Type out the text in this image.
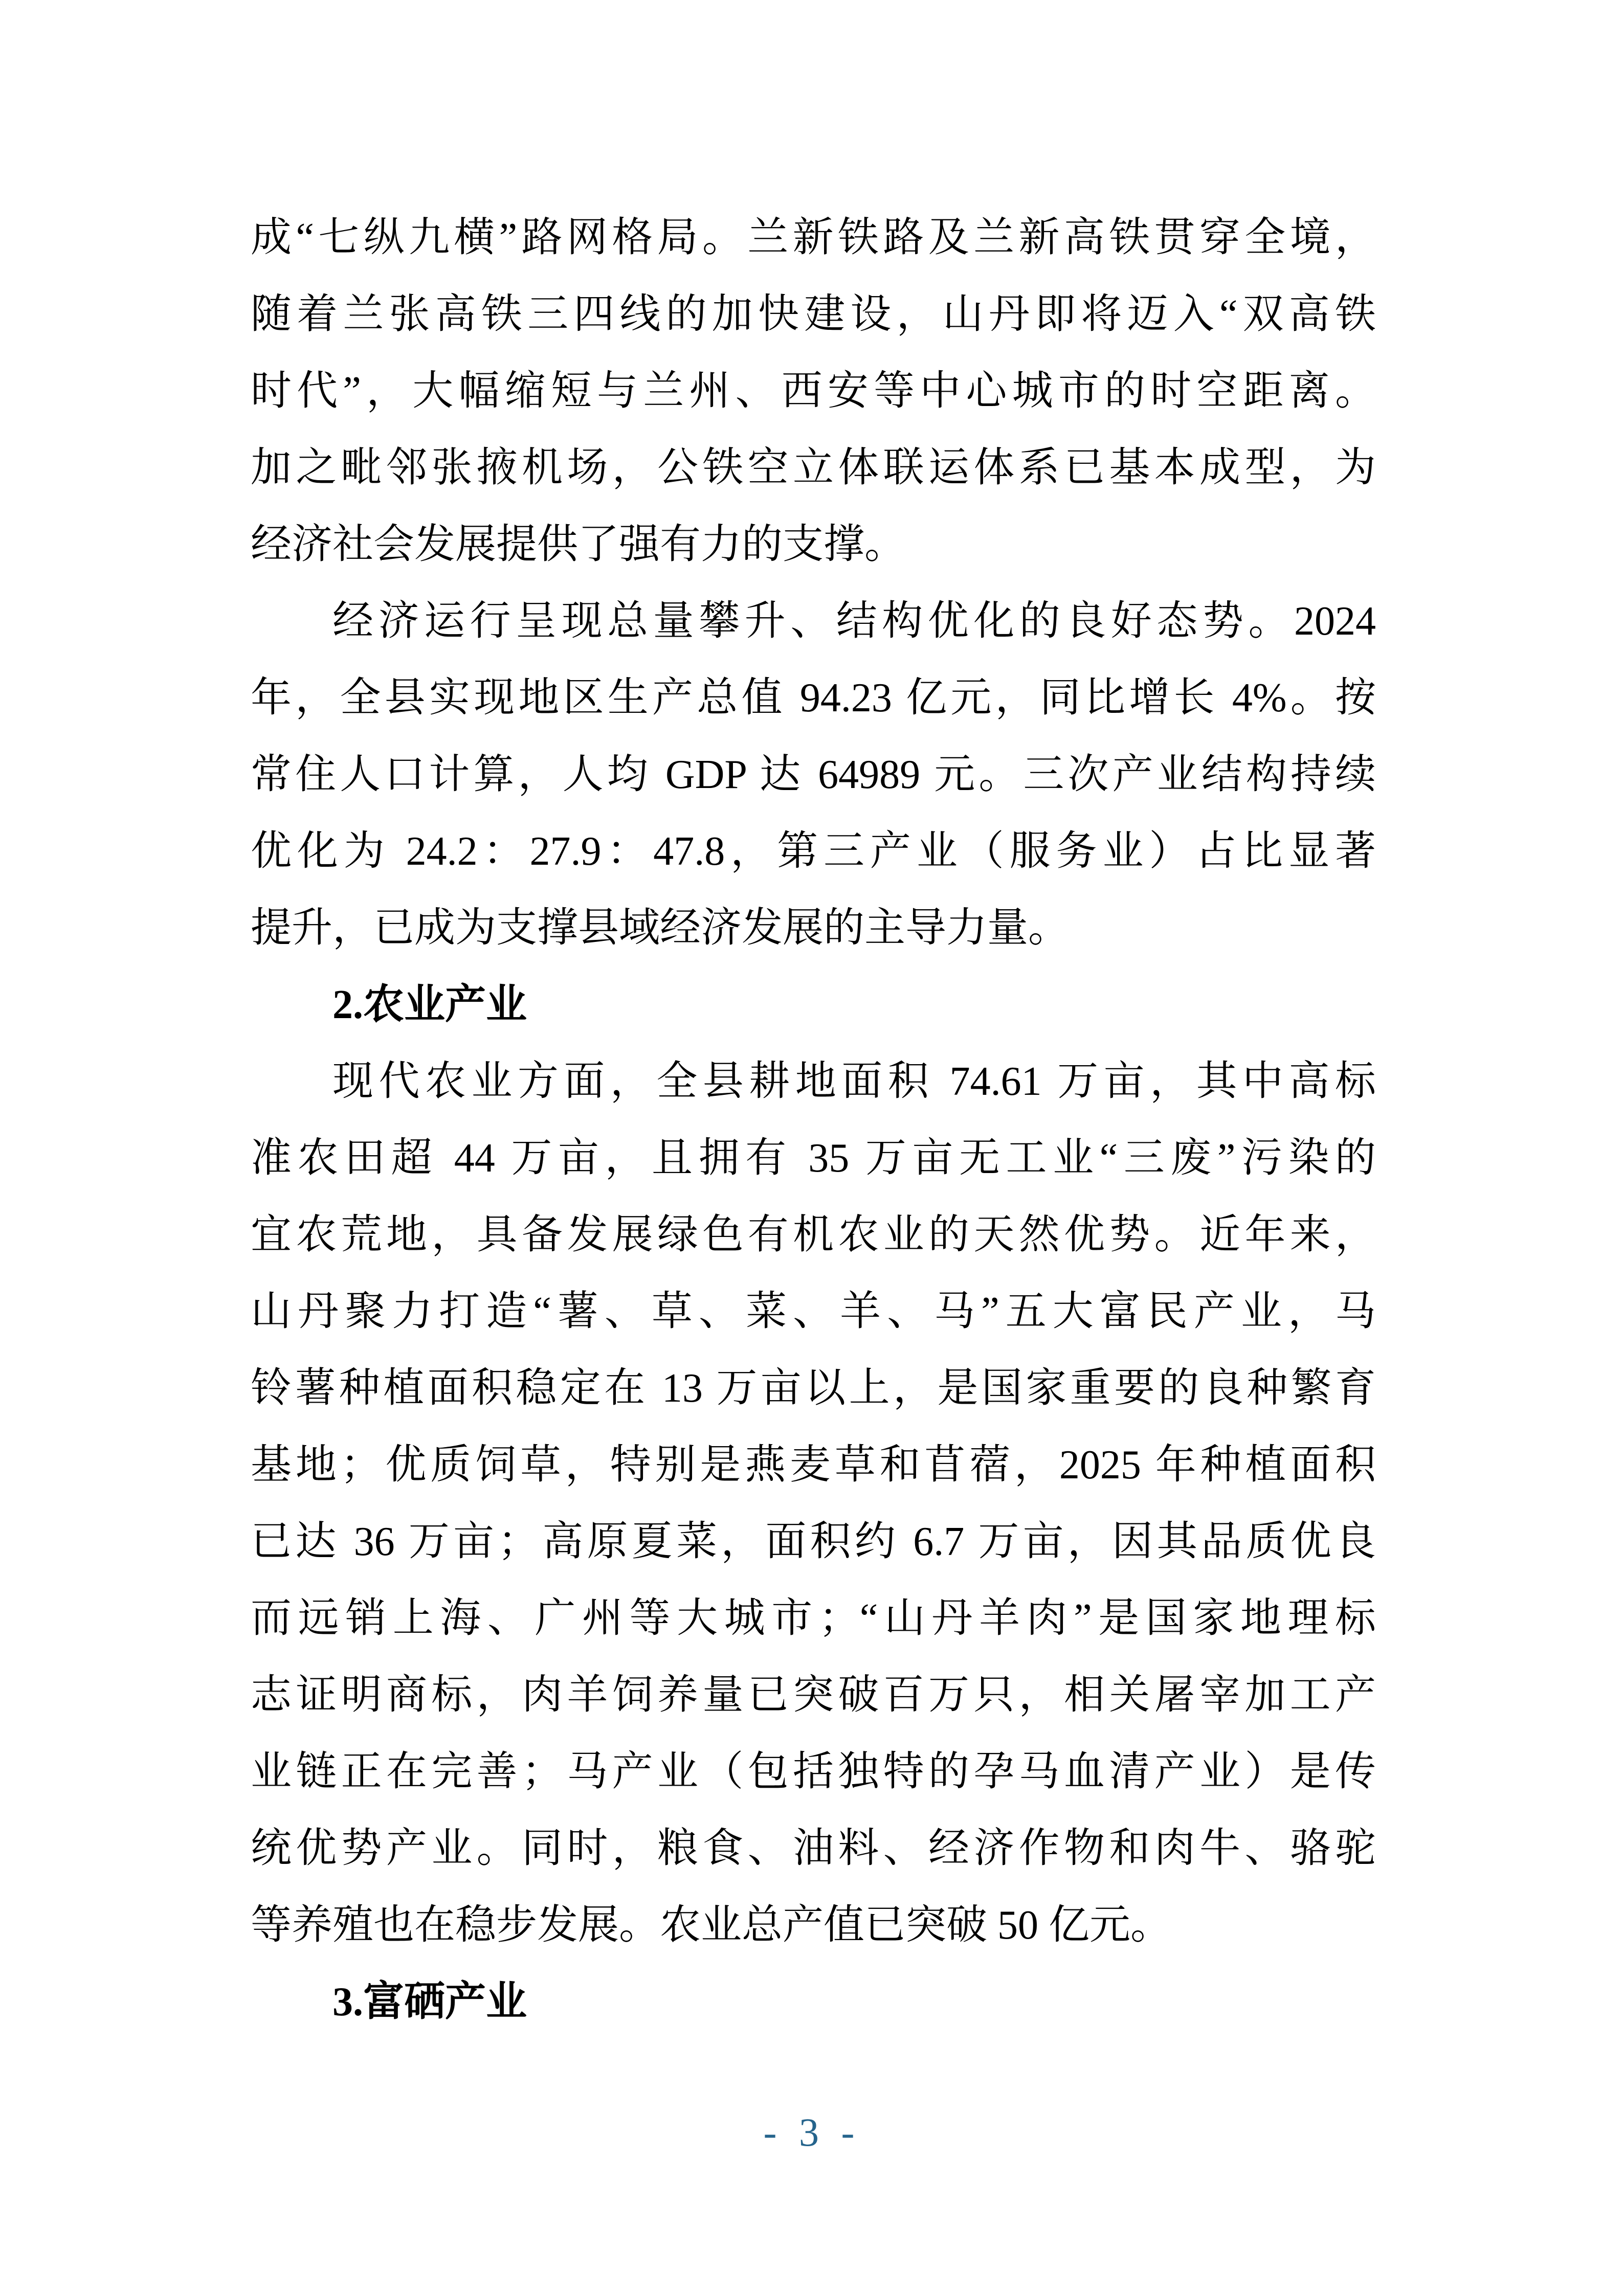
成“七纵九横”路网格局。兰新铁路及兰新高铁贯穿全境，
随着兰张高铁三四线的加快建设，山丹即将迈入“双高铁
时代”，大幅缩短与兰州、西安等中心城市的时空距离。
加之毗邻张掖机场，公铁空立体联运体系已基本成型，为
经济社会发展提供了强有力的支撑。
经济运行呈现总量攀升、结构优化的良好态势。2024
年，全县实现地区生产总值 94.23 亿元，同比增长 4%。按
常住人口计算，人均 GDP 达 64989 元。三次产业结构持续
优化为 24.2：27.9：47.8，第三产业（服务业）占比显著
提升，已成为支撑县域经济发展的主导力量。
2.农业产业
现代农业方面，全县耕地面积 74.61 万亩，其中高标
准农田超 44 万亩，且拥有 35 万亩无工业“三废”污染的
宜农荒地，具备发展绿色有机农业的天然优势。近年来，
山丹聚力打造“薯、草、菜、羊、马”五大富民产业，马
铃薯种植面积稳定在 13 万亩以上，是国家重要的良种繁育
基地；优质饲草，特别是燕麦草和苜蓿，2025 年种植面积
已达 36 万亩；高原夏菜，面积约 6.7 万亩，因其品质优良
而远销上海、广州等大城市；“山丹羊肉”是国家地理标
志证明商标，肉羊饲养量已突破百万只，相关屠宰加工产
业链正在完善；马产业（包括独特的孕马血清产业）是传
统优势产业。同时，粮食、油料、经济作物和肉牛、骆驼
等养殖也在稳步发展。农业总产值已突破 50 亿元。
3.富硒产业
- 3 -
